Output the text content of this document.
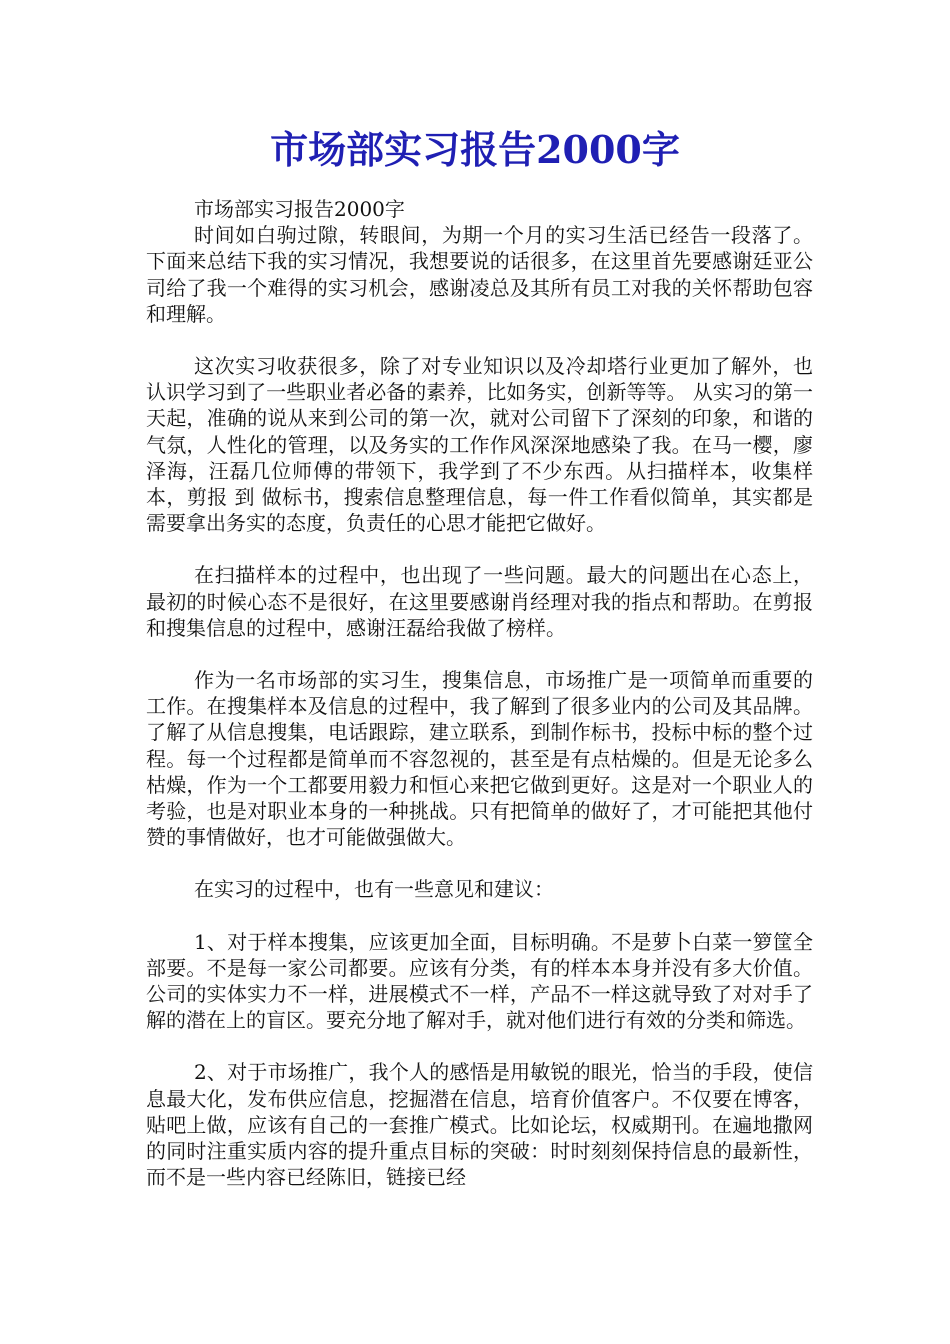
市场部实习报告2000字

市场部实习报告2000字

时间如白驹过隙，转眼间，为期一个月的实习生活已经告一段落了。下面来总结下我的实习情况，我想要说的话很多，在这里首先要感谢廷亚公司给了我一个难得的实习机会，感谢凌总及其所有员工对我的关怀帮助包容和理解。

这次实习收获很多，除了对专业知识以及冷却塔行业更加了解外，也认识学习到了一些职业者必备的素养，比如务实，创新等等。 从实习的第一天起，准确的说从来到公司的第一次，就对公司留下了深刻的印象，和谐的气氛，人性化的管理，以及务实的工作作风深深地感染了我。在马一樱，廖泽海，汪磊几位师傅的带领下，我学到了不少东西。从扫描样本，收集样本，剪报 到 做标书，搜索信息整理信息，每一件工作看似简单，其实都是需要拿出务实的态度，负责任的心思才能把它做好。

在扫描样本的过程中，也出现了一些问题。最大的问题出在心态上，最初的时候心态不是很好，在这里要感谢肖经理对我的指点和帮助。在剪报和搜集信息的过程中，感谢汪磊给我做了榜样。

作为一名市场部的实习生，搜集信息，市场推广是一项简单而重要的工作。在搜集样本及信息的过程中，我了解到了很多业内的公司及其品牌。了解了从信息搜集，电话跟踪，建立联系，到制作标书，投标中标的整个过程。每一个过程都是简单而不容忽视的，甚至是有点枯燥的。但是无论多么枯燥，作为一个工都要用毅力和恒心来把它做到更好。这是对一个职业人的考验，也是对职业本身的一种挑战。只有把简单的做好了，才可能把其他付赞的事情做好，也才可能做强做大。

在实习的过程中，也有一些意见和建议：

1、对于样本搜集，应该更加全面，目标明确。不是萝卜白菜一箩筐全部要。不是每一家公司都要。应该有分类，有的样本本身并没有多大价值。公司的实体实力不一样，进展模式不一样，产品不一样这就导致了对对手了解的潜在上的盲区。要充分地了解对手，就对他们进行有效的分类和筛选。

2、对于市场推广，我个人的感悟是用敏锐的眼光，恰当的手段，使信息最大化，发布供应信息，挖掘潜在信息，培育价值客户。不仅要在博客，贴吧上做，应该有自己的一套推广模式。比如论坛，权威期刊。在遍地撒网的同时注重实质内容的提升重点目标的突破：时时刻刻保持信息的最新性，而不是一些内容已经陈旧，链接已经
